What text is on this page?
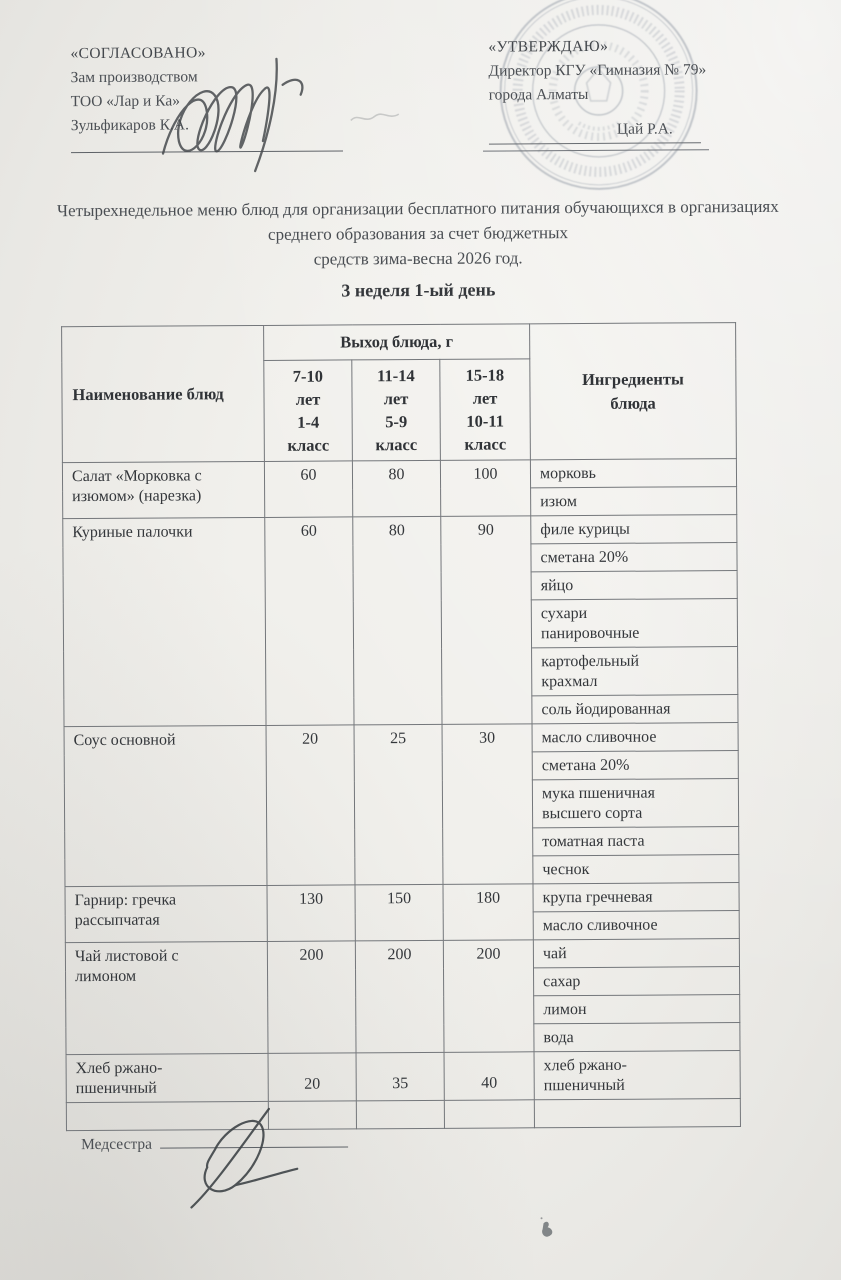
«СОГЛАСОВАНО»
Зам производством
ТОО «Лар и Ка»
Зульфикаров К.А.
«УТВЕРЖДАЮ»
Директор КГУ «Гимназия № 79»
города Алматы
Цай Р.А.
Четырехнедельное меню блюд для организации бесплатного питания обучающихся в организациях
среднего образования за счет бюджетных
средств зима-весна 2026 год.
3 неделя 1-ый день
Наименование блюд	Выход блюда, г			Ингредиенты
блюда
	7-10
лет
1-4
класс	11-14
лет
5-9
класс	15-18
лет
10-11
класс	
Салат «Морковка с
изюмом» (нарезка)	60	80	100	морковь
				изюм
Куриные палочки	60	80	90	филе курицы
				сметана 20%
				яйцо
				сухари
панировочные
				картофельный
крахмал
				соль йодированная
Соус основной	20	25	30	масло сливочное
				сметана 20%
				мука пшеничная
высшего сорта
				томатная паста
				чеснок
Гарнир: гречка
рассыпчатая	130	150	180	крупа гречневая
				масло сливочное
Чай листовой с
лимоном	200	200	200	чай
				сахар
				лимон
				вода
Хлеб ржано-
пшеничный	20	35	40	хлеб ржано-
пшеничный

Медсестра
